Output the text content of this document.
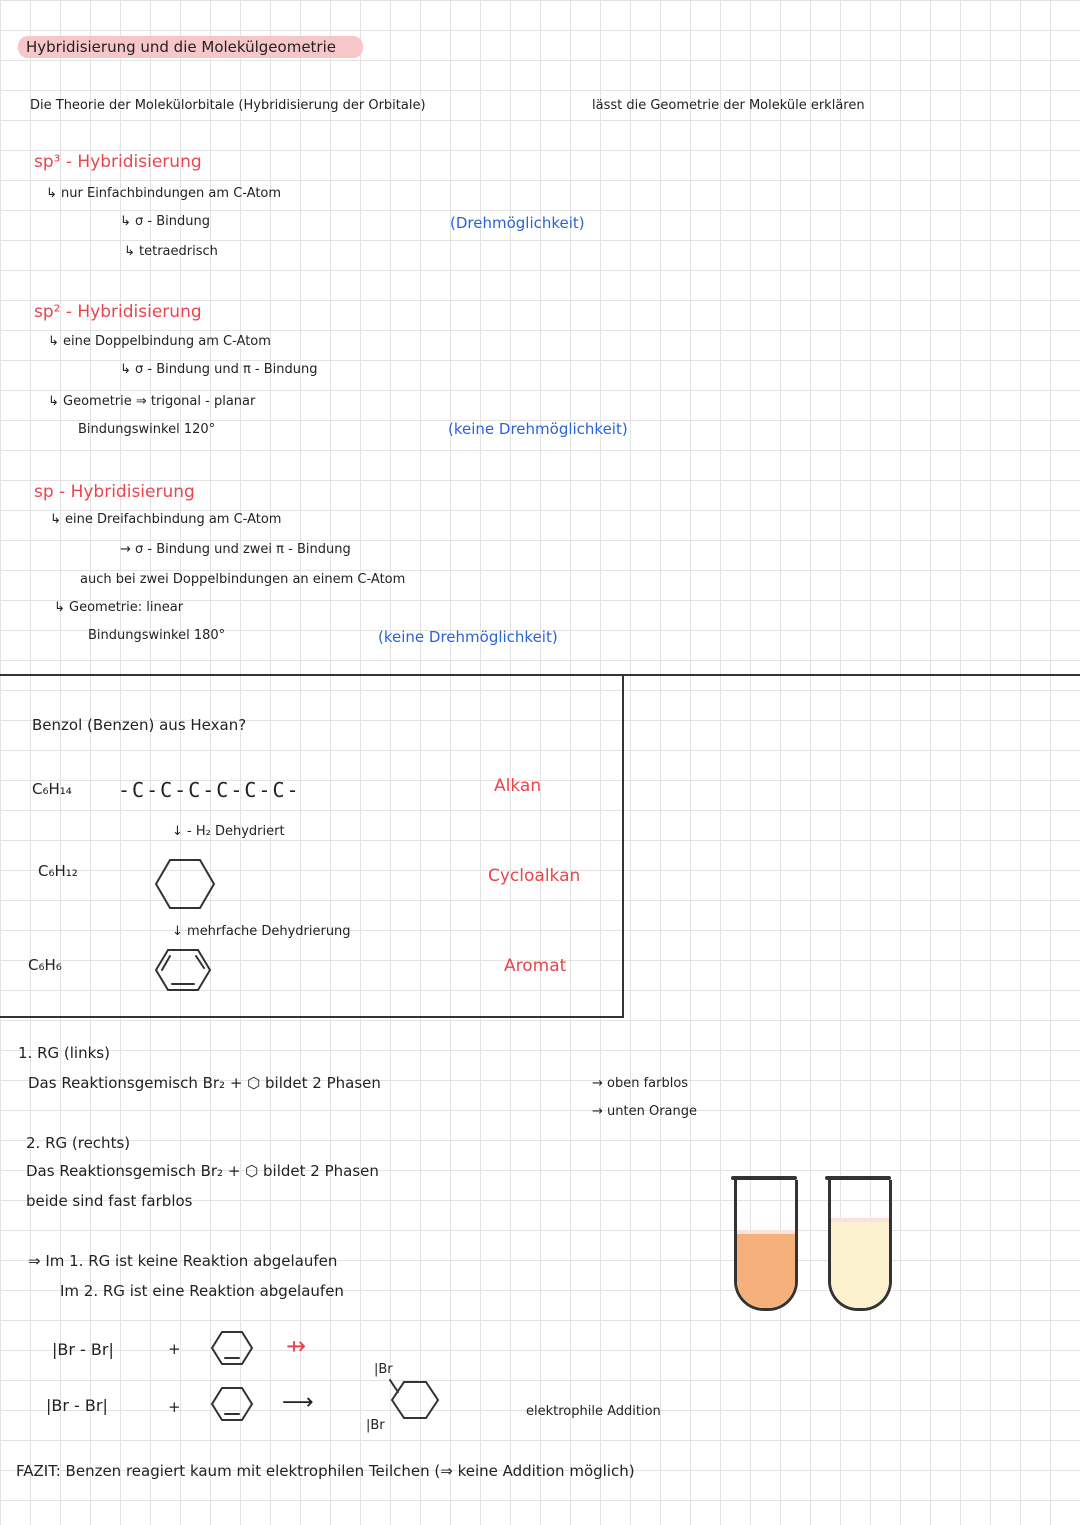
Hybridisierung und die Molekülgeometrie
Die Theorie der Molekülorbitale (Hybridisierung der Orbitale)	lässt die Geometrie der Moleküle erklären
sp³ - Hybridisierung
↳ nur Einfachbindungen am C-Atom
↳ σ - Bindung
↳ tetraedrisch
(Drehmöglichkeit)
sp² - Hybridisierung
↳ eine Doppelbindung am C-Atom
↳ σ - Bindung und π - Bindung
↳ Geometrie ⇒ trigonal - planar
Bindungswinkel 120°	(keine Drehmöglichkeit)
sp - Hybridisierung
↳ eine Dreifachbindung am C-Atom
→ σ - Bindung und zwei π - Bindung
auch bei zwei Doppelbindungen an einem C-Atom
↳ Geometrie: linear
Bindungswinkel 180°	(keine Drehmöglichkeit)
Benzol (Benzen) aus Hexan?
C₆H₁₄ -C-C-C-C-C-C-	Alkan
↓ - H₂ Dehydriert
C₆H₁₂	Cycloalkan
↓ mehrfache Dehydrierung
C₆H₆	Aromat
1. RG (links)
Das Reaktionsgemisch Br₂ + ⬡ bildet 2 Phasen	→ oben farblos
→ unten Orange
2. RG (rechts)
Das Reaktionsgemisch Br₂ + ⬡ bildet 2 Phasen
beide sind fast farblos
⇒ Im 1. RG ist keine Reaktion abgelaufen
Im 2. RG ist eine Reaktion abgelaufen
|Br - Br|	+	⇸
|Br - Br|	+	⟶
|Br
|Br
elektrophile Addition
FAZIT: Benzen reagiert kaum mit elektrophilen Teilchen (⇒ keine Addition möglich)
